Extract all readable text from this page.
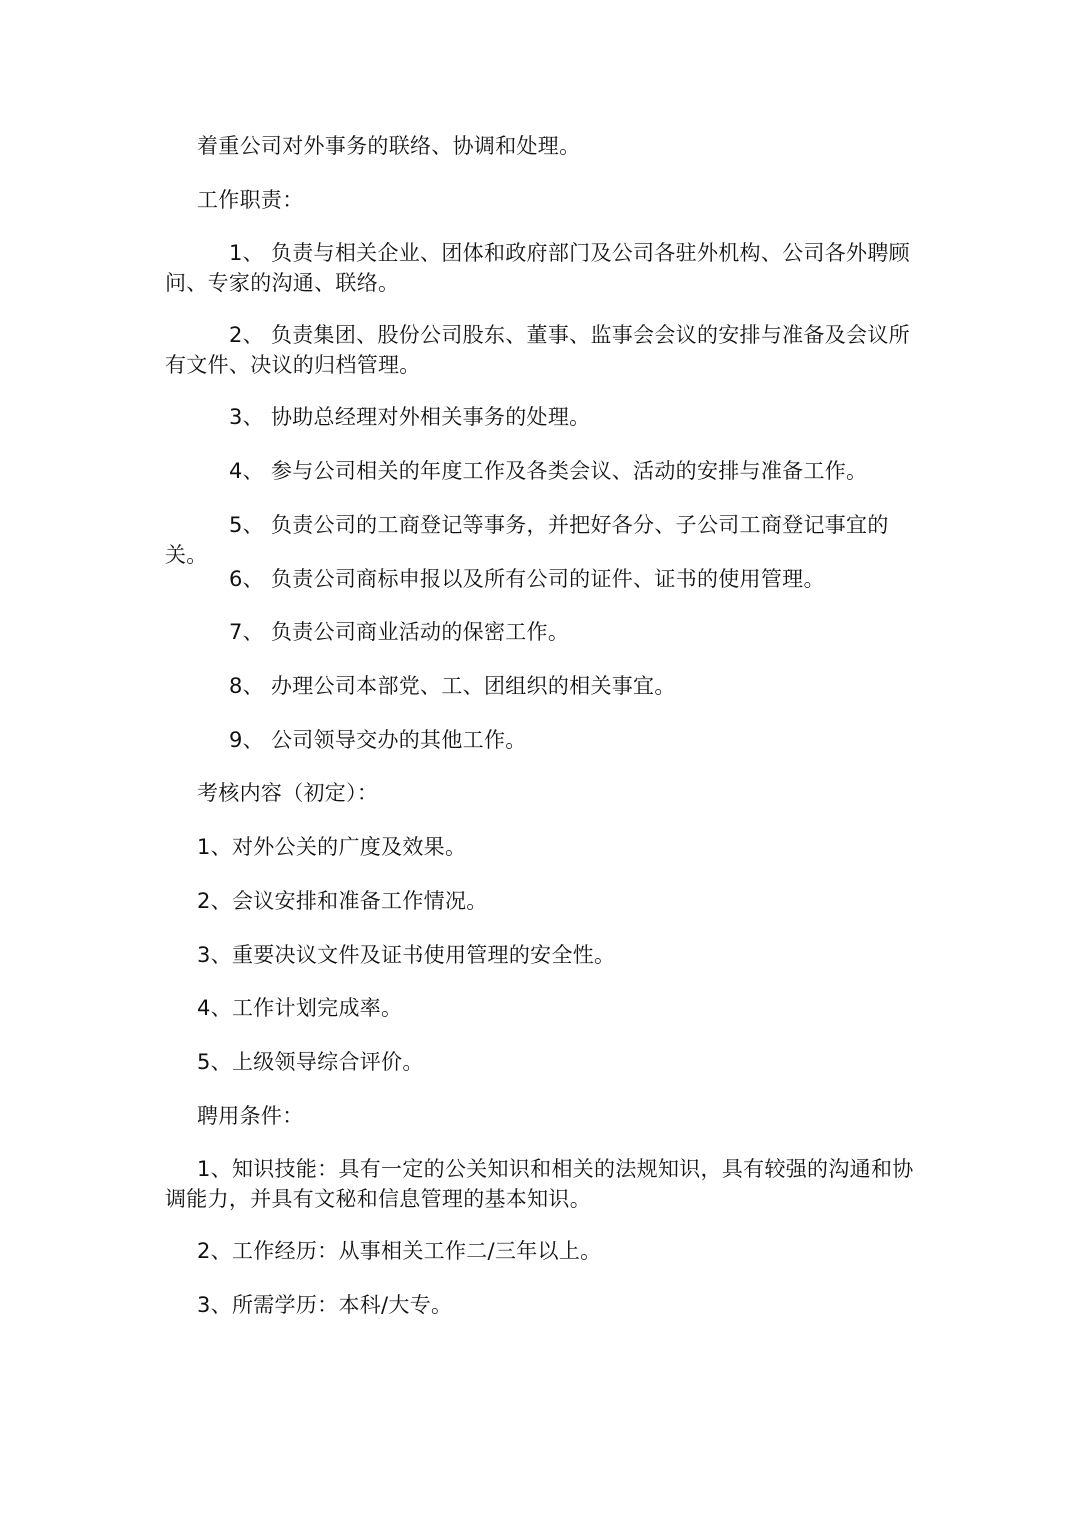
着重公司对外事务的联络、协调和处理。
工作职责：
1、 负责与相关企业、团体和政府部门及公司各驻外机构、公司各外聘顾问、专家的沟通、联络。
2、 负责集团、股份公司股东、董事、监事会会议的安排与准备及会议所有文件、决议的归档管理。
3、 协助总经理对外相关事务的处理。
4、 参与公司相关的年度工作及各类会议、活动的安排与准备工作。
5、 负责公司的工商登记等事务，并把好各分、子公司工商登记事宜的关。
6、 负责公司商标申报以及所有公司的证件、证书的使用管理。
7、 负责公司商业活动的保密工作。
8、 办理公司本部党、工、团组织的相关事宜。
9、 公司领导交办的其他工作。
考核内容（初定）：
1、对外公关的广度及效果。
2、会议安排和准备工作情况。
3、重要决议文件及证书使用管理的安全性。
4、工作计划完成率。
5、上级领导综合评价。
聘用条件：
1、知识技能：具有一定的公关知识和相关的法规知识，具有较强的沟通和协调能力，并具有文秘和信息管理的基本知识。
2、工作经历：从事相关工作二/三年以上。
3、所需学历：本科/大专。
